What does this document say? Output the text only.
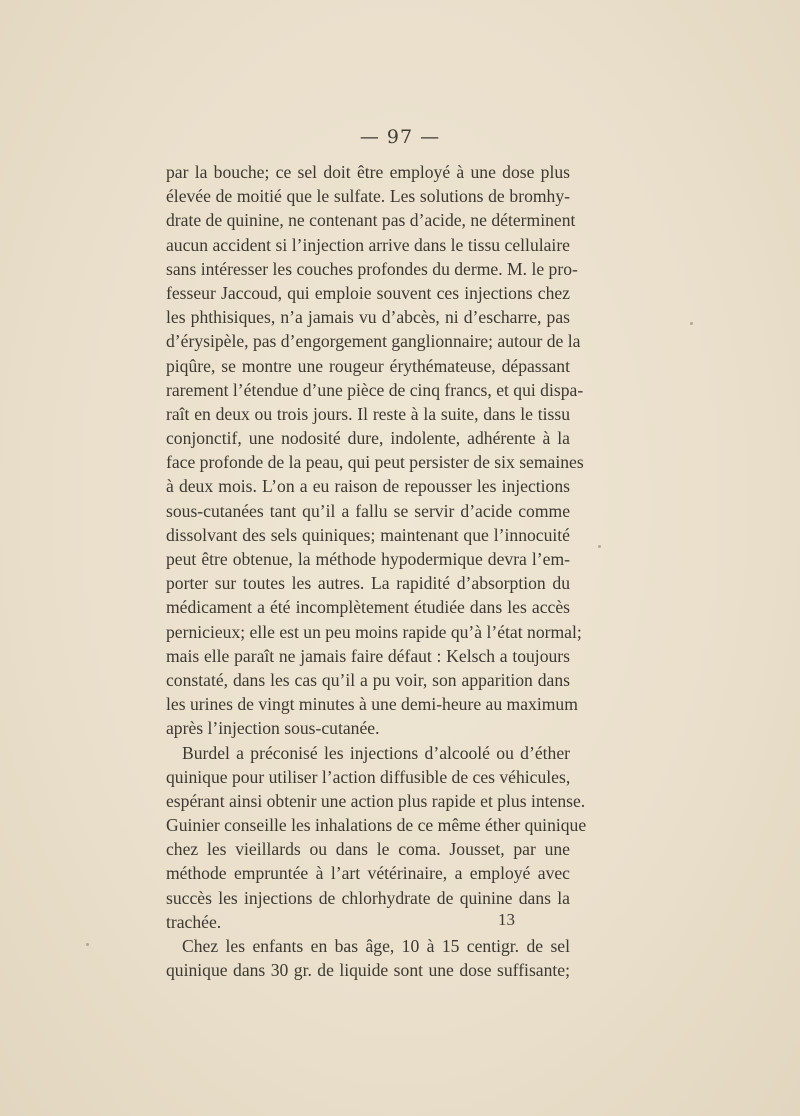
— 97 —
par la bouche; ce sel doit être employé à une dose plus
élevée de moitié que le sulfate. Les solutions de bromhy-
drate de quinine, ne contenant pas d’acide, ne déterminent
aucun accident si l’injection arrive dans le tissu cellulaire
sans intéresser les couches profondes du derme. M. le pro-
fesseur Jaccoud, qui emploie souvent ces injections chez
les phthisiques, n’a jamais vu d’abcès, ni d’escharre, pas
d’érysipèle, pas d’engorgement ganglionnaire; autour de la
piqûre, se montre une rougeur érythémateuse, dépassant
rarement l’étendue d’une pièce de cinq francs, et qui dispa-
raît en deux ou trois jours. Il reste à la suite, dans le tissu
conjonctif, une nodosité dure, indolente, adhérente à la
face profonde de la peau, qui peut persister de six semaines
à deux mois. L’on a eu raison de repousser les injections
sous-cutanées tant qu’il a fallu se servir d’acide comme
dissolvant des sels quiniques; maintenant que l’innocuité
peut être obtenue, la méthode hypodermique devra l’em-
porter sur toutes les autres. La rapidité d’absorption du
médicament a été incomplètement étudiée dans les accès
pernicieux; elle est un peu moins rapide qu’à l’état normal;
mais elle paraît ne jamais faire défaut : Kelsch a toujours
constaté, dans les cas qu’il a pu voir, son apparition dans
les urines de vingt minutes à une demi-heure au maximum
après l’injection sous-cutanée.
Burdel a préconisé les injections d’alcoolé ou d’éther
quinique pour utiliser l’action diffusible de ces véhicules,
espérant ainsi obtenir une action plus rapide et plus intense.
Guinier conseille les inhalations de ce même éther quinique
chez les vieillards ou dans le coma. Jousset, par une
méthode empruntée à l’art vétérinaire, a employé avec
succès les injections de chlorhydrate de quinine dans la
trachée.
Chez les enfants en bas âge, 10 à 15 centigr. de sel
quinique dans 30 gr. de liquide sont une dose suffisante;
13
